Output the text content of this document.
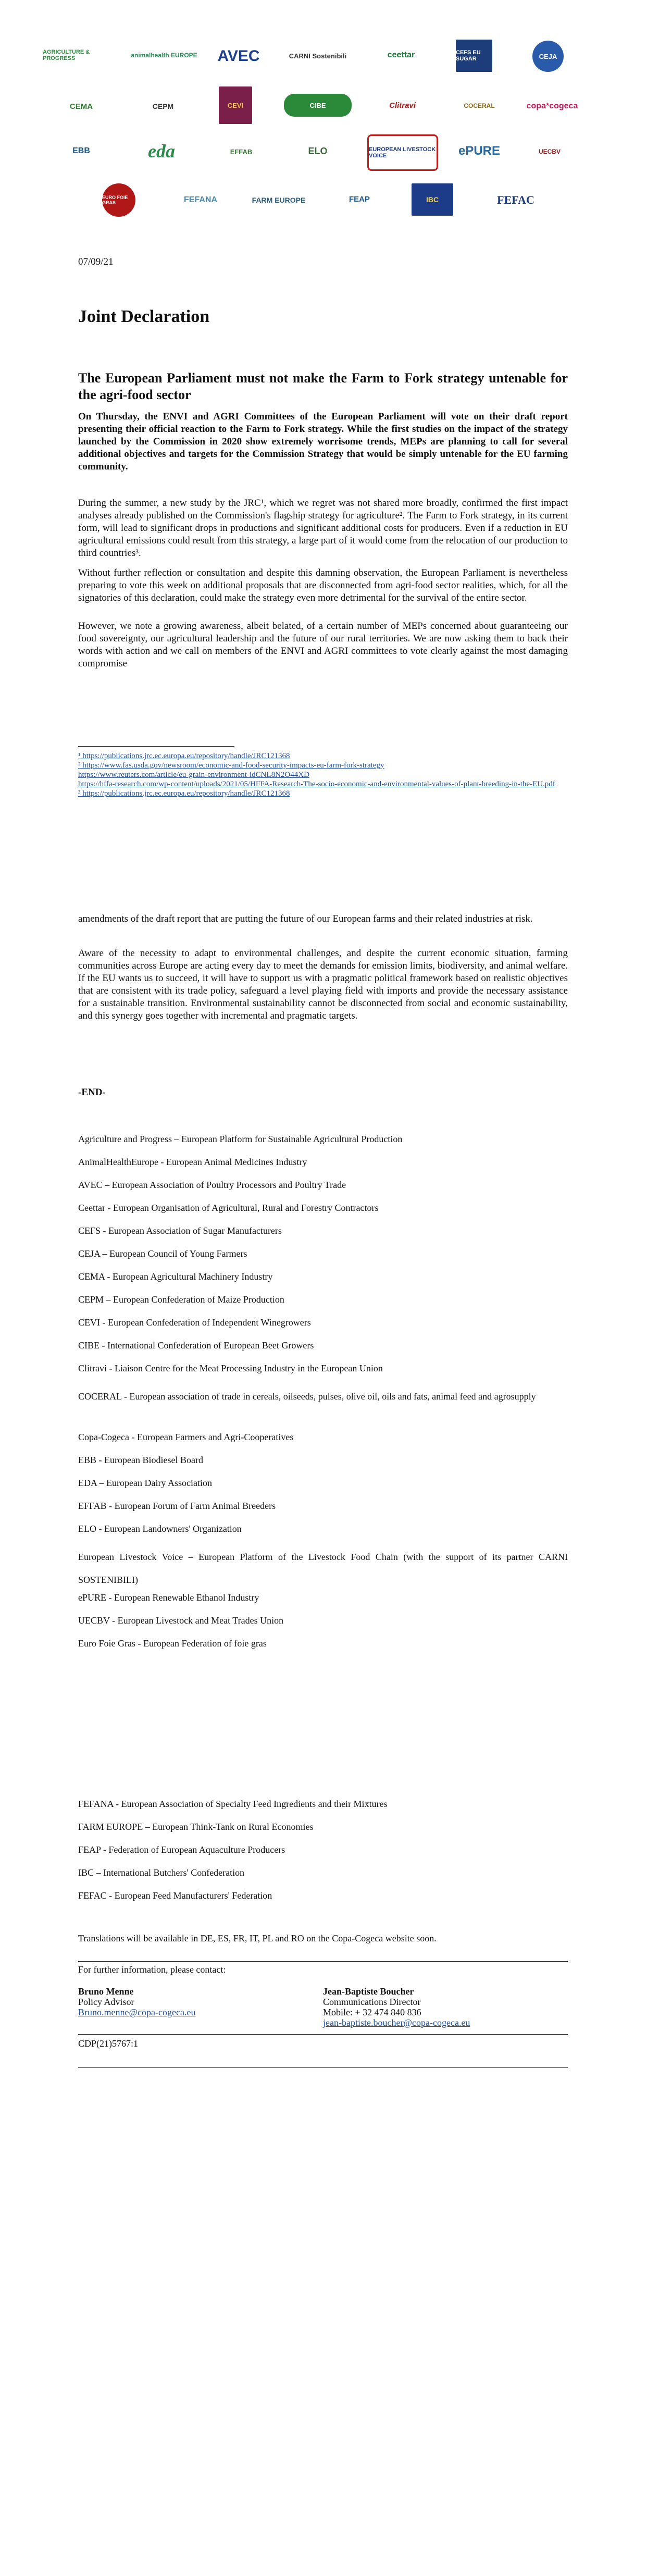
AGRICULTURE & PROGRESS	animalhealth EUROPE	AVEC	CARNI Sostenibili	ceettar	CEFS EU SUGAR	CEJA
CEMA	CEPM	CEVI	CIBE	Clitravi	COCERAL	copa*cogeca
EBB	eda	EFFAB	ELO	EUROPEAN LIVESTOCK VOICE	ePURE	UECBV
EURO FOIE GRAS	FEFANA	FARM EUROPE	FEAP	IBC	FEFAC
07/09/21
Joint Declaration
The European Parliament must not make the Farm to Fork strategy untenable for the agri-food sector
On Thursday, the ENVI and AGRI Committees of the European Parliament will vote on their draft report presenting their official reaction to the Farm to Fork strategy. While the first studies on the impact of the strategy launched by the Commission in 2020 show extremely worrisome trends, MEPs are planning to call for several additional objectives and targets for the Commission Strategy that would be simply untenable for the EU farming community.
During the summer, a new study by the JRC¹, which we regret was not shared more broadly, confirmed the first impact analyses already published on the Commission's flagship strategy for agriculture². The Farm to Fork strategy, in its current form, will lead to significant drops in productions and significant additional costs for producers. Even if a reduction in EU agricultural emissions could result from this strategy, a large part of it would come from the relocation of our production to third countries³.
Without further reflection or consultation and despite this damning observation, the European Parliament is nevertheless preparing to vote this week on additional proposals that are disconnected from agri-food sector realities, which, for all the signatories of this declaration, could make the strategy even more detrimental for the survival of the entire sector.
However, we note a growing awareness, albeit belated, of a certain number of MEPs concerned about guaranteeing our food sovereignty, our agricultural leadership and the future of our rural territories. We are now asking them to back their words with action and we call on members of the ENVI and AGRI committees to vote clearly against the most damaging compromise
¹ https://publications.jrc.ec.europa.eu/repository/handle/JRC121368
² https://www.fas.usda.gov/newsroom/economic-and-food-security-impacts-eu-farm-fork-strategy
https://www.reuters.com/article/eu-grain-environment-idCNL8N2O44XD
https://hffa-research.com/wp-content/uploads/2021/05/HFFA-Research-The-socio-economic-and-environmental-values-of-plant-breeding-in-the-EU.pdf
³ https://publications.jrc.ec.europa.eu/repository/handle/JRC121368
amendments of the draft report that are putting the future of our European farms and their related industries at risk.
Aware of the necessity to adapt to environmental challenges, and despite the current economic situation, farming communities across Europe are acting every day to meet the demands for emission limits, biodiversity, and animal welfare. If the EU wants us to succeed, it will have to support us with a pragmatic political framework based on realistic objectives that are consistent with its trade policy, safeguard a level playing field with imports and provide the necessary assistance for a sustainable transition. Environmental sustainability cannot be disconnected from social and economic sustainability, and this synergy goes together with incremental and pragmatic targets.
-END-
Agriculture and Progress – European Platform for Sustainable Agricultural Production
AnimalHealthEurope - European Animal Medicines Industry
AVEC – European Association of Poultry Processors and Poultry Trade
Ceettar - European Organisation of Agricultural, Rural and Forestry Contractors
CEFS - European Association of Sugar Manufacturers
CEJA – European Council of Young Farmers
CEMA - European Agricultural Machinery Industry
CEPM – European Confederation of Maize Production
CEVI - European Confederation of Independent Winegrowers
CIBE - International Confederation of European Beet Growers
Clitravi - Liaison Centre for the Meat Processing Industry in the European Union
COCERAL - European association of trade in cereals, oilseeds, pulses, olive oil, oils and fats, animal feed and agrosupply
Copa-Cogeca - European Farmers and Agri-Cooperatives
EBB - European Biodiesel Board
EDA – European Dairy Association
EFFAB - European Forum of Farm Animal Breeders
ELO - European Landowners' Organization
European Livestock Voice – European Platform of the Livestock Food Chain (with the support of its partner CARNI SOSTENIBILI)
ePURE - European Renewable Ethanol Industry
UECBV - European Livestock and Meat Trades Union
Euro Foie Gras - European Federation of foie gras
FEFANA - European Association of Specialty Feed Ingredients and their Mixtures
FARM EUROPE – European Think-Tank on Rural Economies
FEAP - Federation of European Aquaculture Producers
IBC – International Butchers' Confederation
FEFAC - European Feed Manufacturers' Federation
Translations will be available in DE, ES, FR, IT, PL and RO on the Copa-Cogeca website soon.
For further information, please contact:
Bruno Menne
Policy Advisor
Bruno.menne@copa-cogeca.eu
Jean-Baptiste Boucher
Communications Director
Mobile: + 32 474 840 836
jean-baptiste.boucher@copa-cogeca.eu
CDP(21)5767:1
